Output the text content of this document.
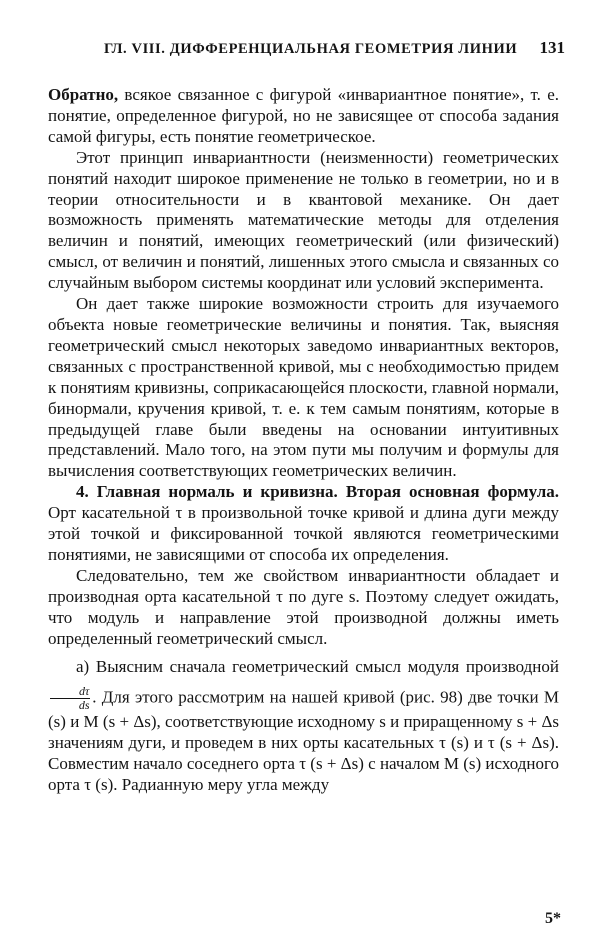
ГЛ. VIII. ДИФФЕРЕНЦИАЛЬНАЯ ГЕОМЕТРИЯ ЛИНИИ 131

Обратно, всякое связанное с фигурой «инвариантное понятие», т. е. понятие, определенное фигурой, но не зависящее от способа задания самой фигуры, есть понятие геометрическое.

Этот принцип инвариантности (неизменности) геометрических понятий находит широкое применение не только в геометрии, но и в теории относительности и в квантовой механике. Он дает возможность применять математические методы для отделения величин и понятий, имеющих геометрический (или физический) смысл, от величин и понятий, лишенных этого смысла и связанных со случайным выбором системы координат или условий эксперимента.

Он дает также широкие возможности строить для изучаемого объекта новые геометрические величины и понятия. Так, выясняя геометрический смысл некоторых заведомо инвариантных векторов, связанных с пространственной кривой, мы с необходимостью придем к понятиям кривизны, соприкасающейся плоскости, главной нормали, бинормали, кручения кривой, т. е. к тем самым понятиям, которые в предыдущей главе были введены на основании интуитивных представлений. Мало того, на этом пути мы получим и формулы для вычисления соответствующих геометрических величин.

4. Главная нормаль и кривизна. Вторая основная формула. Орт касательной τ в произвольной точке кривой и длина дуги между этой точкой и фиксированной точкой являются геометрическими понятиями, не зависящими от способа их определения.

Следовательно, тем же свойством инвариантности обладает и производная орта касательной τ по дуге s. Поэтому следует ожидать, что модуль и направление этой производной должны иметь определенный геометрический смысл.

а) Выясним сначала геометрический смысл модуля производной
$\frac{d\tau}{ds}$ . Для этого рассмотрим на нашей кривой (рис. 98) две точки M (s) и M (s + Δs), соответствующие исходному s и приращенному s + Δs значениям дуги, и проведем в них орты касательных τ (s) и τ (s + Δs). Совместим начало соседнего орта τ (s + Δs) с началом M (s) исходного орта τ (s). Радианную меру угла между

5*
